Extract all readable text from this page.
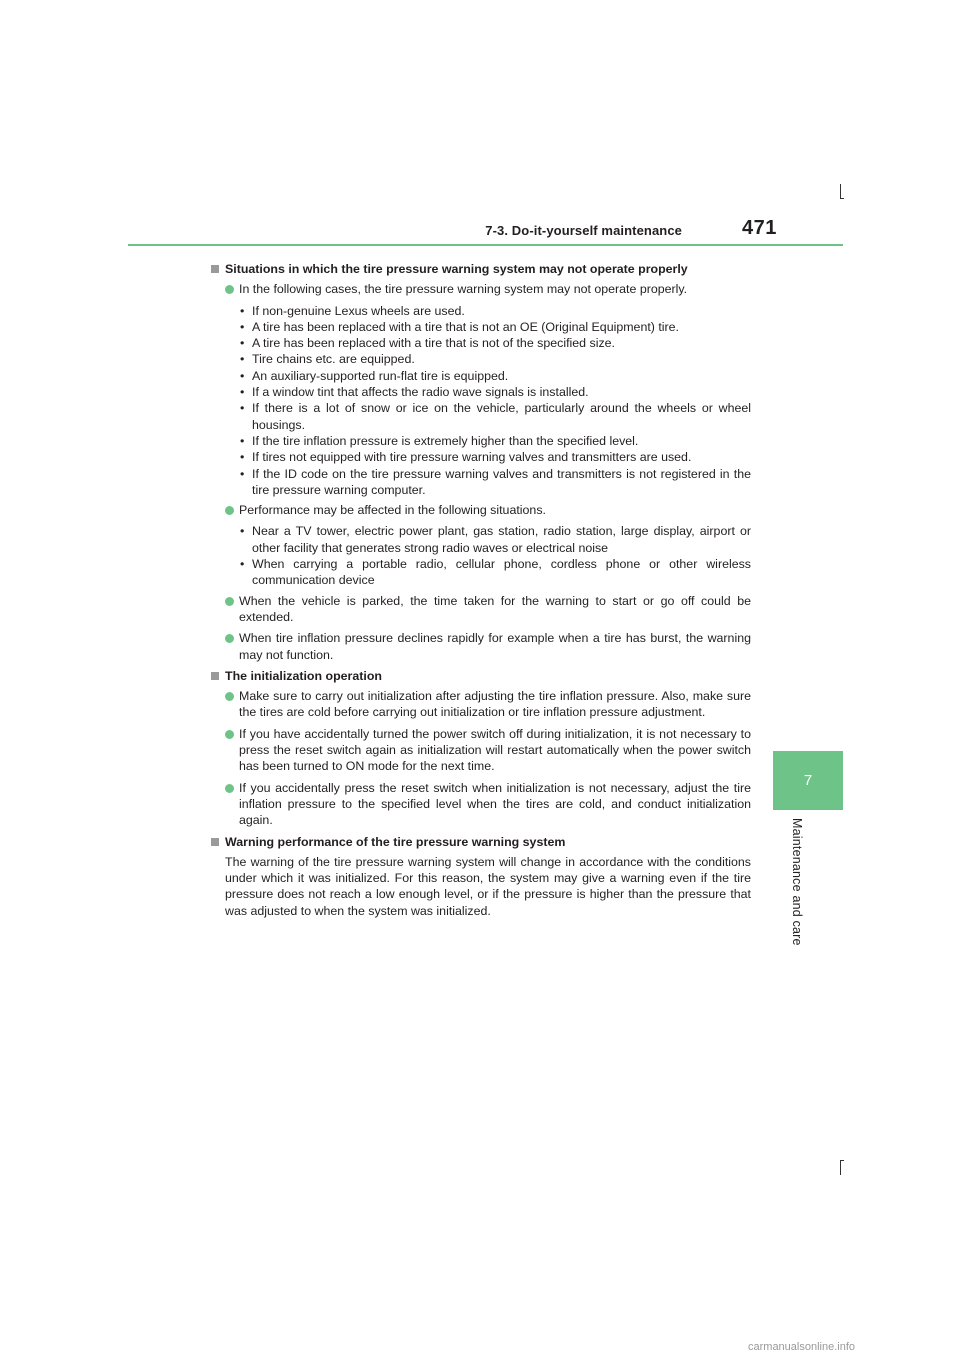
7-3. Do-it-yourself maintenance	471
7
Maintenance and care
Situations in which the tire pressure warning system may not operate properly
In the following cases, the tire pressure warning system may not operate properly.
• If non-genuine Lexus wheels are used.
• A tire has been replaced with a tire that is not an OE (Original Equipment) tire.
• A tire has been replaced with a tire that is not of the specified size.
• Tire chains etc. are equipped.
• An auxiliary-supported run-flat tire is equipped.
• If a window tint that affects the radio wave signals is installed.
• If there is a lot of snow or ice on the vehicle, particularly around the wheels or wheel housings.
• If the tire inflation pressure is extremely higher than the specified level.
• If tires not equipped with tire pressure warning valves and transmitters are used.
• If the ID code on the tire pressure warning valves and transmitters is not registered in the tire pressure warning computer.
Performance may be affected in the following situations.
• Near a TV tower, electric power plant, gas station, radio station, large display, airport or other facility that generates strong radio waves or electrical noise
• When carrying a portable radio, cellular phone, cordless phone or other wireless communication device
When the vehicle is parked, the time taken for the warning to start or go off could be extended.
When tire inflation pressure declines rapidly for example when a tire has burst, the warning may not function.
The initialization operation
Make sure to carry out initialization after adjusting the tire inflation pressure. Also, make sure the tires are cold before carrying out initialization or tire inflation pressure adjustment.
If you have accidentally turned the power switch off during initialization, it is not necessary to press the reset switch again as initialization will restart automatically when the power switch has been turned to ON mode for the next time.
If you accidentally press the reset switch when initialization is not necessary, adjust the tire inflation pressure to the specified level when the tires are cold, and conduct initialization again.
Warning performance of the tire pressure warning system
The warning of the tire pressure warning system will change in accordance with the conditions under which it was initialized. For this reason, the system may give a warning even if the tire pressure does not reach a low enough level, or if the pressure is higher than the pressure that was adjusted to when the system was initialized.
carmanualsonline.info
